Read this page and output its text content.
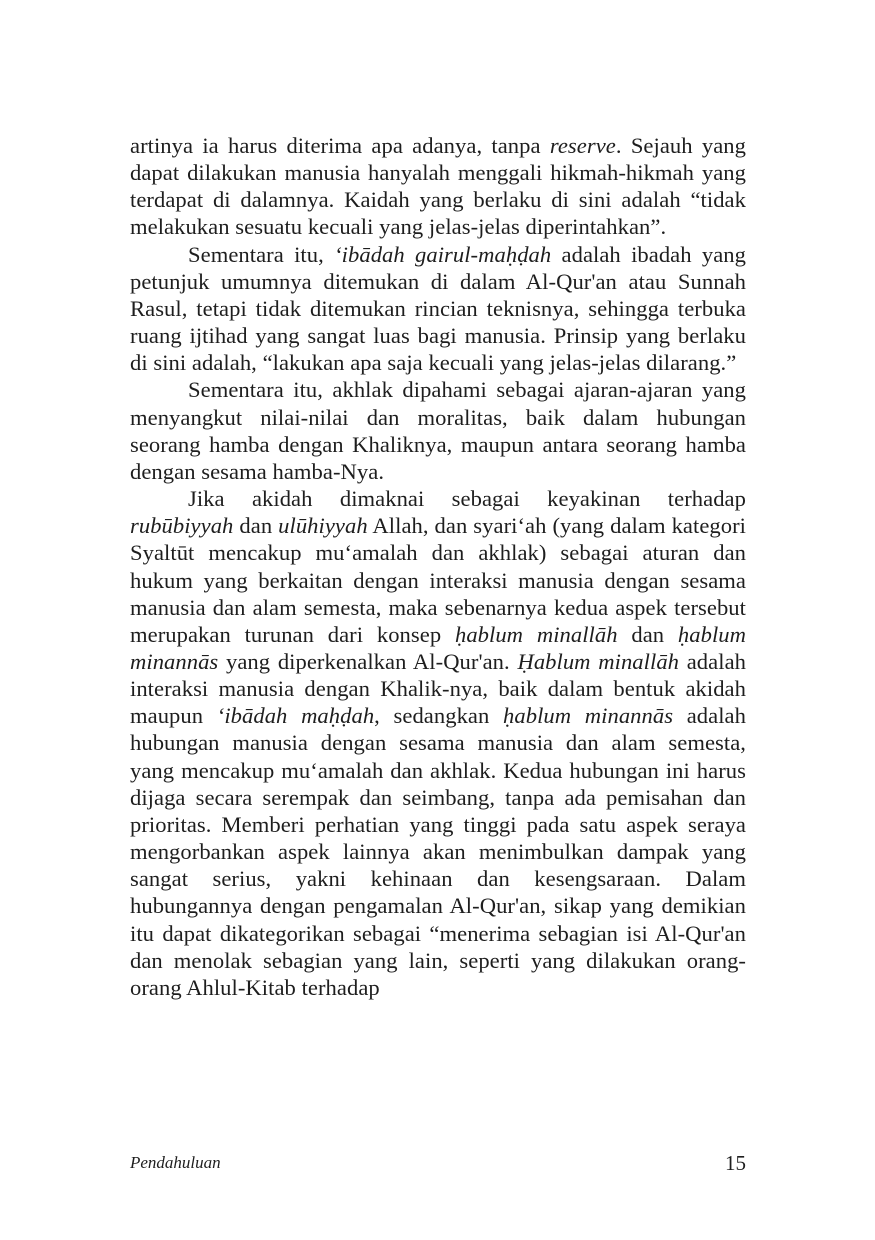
artinya ia harus diterima apa adanya, tanpa reserve. Sejauh yang dapat dilakukan manusia hanyalah menggali hikmah-hikmah yang terdapat di dalamnya. Kaidah yang berlaku di sini adalah “tidak melakukan sesuatu kecuali yang jelas-jelas diperintahkan”.

Sementara itu, ‘ibādah gairul-maḥḍah adalah ibadah yang petunjuk umumnya ditemukan di dalam Al-Qur'an atau Sunnah Rasul, tetapi tidak ditemukan rincian teknisnya, sehingga terbuka ruang ijtihad yang sangat luas bagi manusia. Prinsip yang berlaku di sini adalah, “lakukan apa saja kecuali yang jelas-jelas dilarang.”

Sementara itu, akhlak dipahami sebagai ajaran-ajaran yang menyangkut nilai-nilai dan moralitas, baik dalam hubungan seorang hamba dengan Khaliknya, maupun antara seorang hamba dengan sesama hamba-Nya.

Jika akidah dimaknai sebagai keyakinan terhadap rubūbiyyah dan ulūhiyyah Allah, dan syari‘ah (yang dalam kategori Syaltūt mencakup mu‘amalah dan akhlak) sebagai aturan dan hukum yang berkaitan dengan interaksi manusia dengan sesama manusia dan alam semesta, maka sebenarnya kedua aspek tersebut merupakan turunan dari konsep ḥablum minallāh dan ḥablum minannās yang diperkenalkan Al-Qur'an. Ḥablum minallāh adalah interaksi manusia dengan Khalik-nya, baik dalam bentuk akidah maupun ‘ibādah maḥḍah, sedangkan ḥablum minannās adalah hubungan manusia dengan sesama manusia dan alam semesta, yang mencakup mu‘amalah dan akhlak. Kedua hubungan ini harus dijaga secara serempak dan seimbang, tanpa ada pemisahan dan prioritas. Memberi perhatian yang tinggi pada satu aspek seraya mengorbankan aspek lainnya akan menimbulkan dampak yang sangat serius, yakni kehinaan dan kesengsaraan. Dalam hubungannya dengan pengamalan Al-Qur'an, sikap yang demikian itu dapat dikategorikan sebagai “menerima sebagian isi Al-Qur'an dan menolak sebagian yang lain, seperti yang dilakukan orang-orang Ahlul-Kitab terhadap

Pendahuluan	15
